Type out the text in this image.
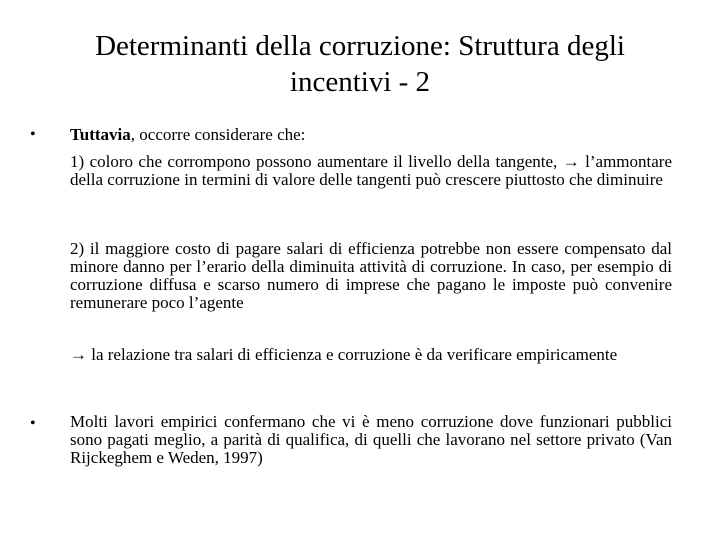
Determinanti della corruzione: Struttura degli
incentivi - 2
• Tuttavia, occorre considerare che:
1) coloro che corrompono possono aumentare il livello della tangente, → l’ammontare della corruzione in termini di valore delle tangenti può crescere piuttosto che diminuire
2) il maggiore costo di pagare salari di efficienza potrebbe non essere compensato dal minore danno per l’erario della diminuita attività di corruzione. In caso, per esempio di corruzione diffusa e scarso numero di imprese che pagano le imposte può convenire remunerare poco l’agente
→ la relazione tra salari di efficienza e corruzione è da verificare empiricamente
• Molti lavori empirici confermano che vi è meno corruzione dove funzionari pubblici sono pagati meglio, a parità di qualifica, di quelli che lavorano nel settore privato (Van Rijckeghem e Weden, 1997)
